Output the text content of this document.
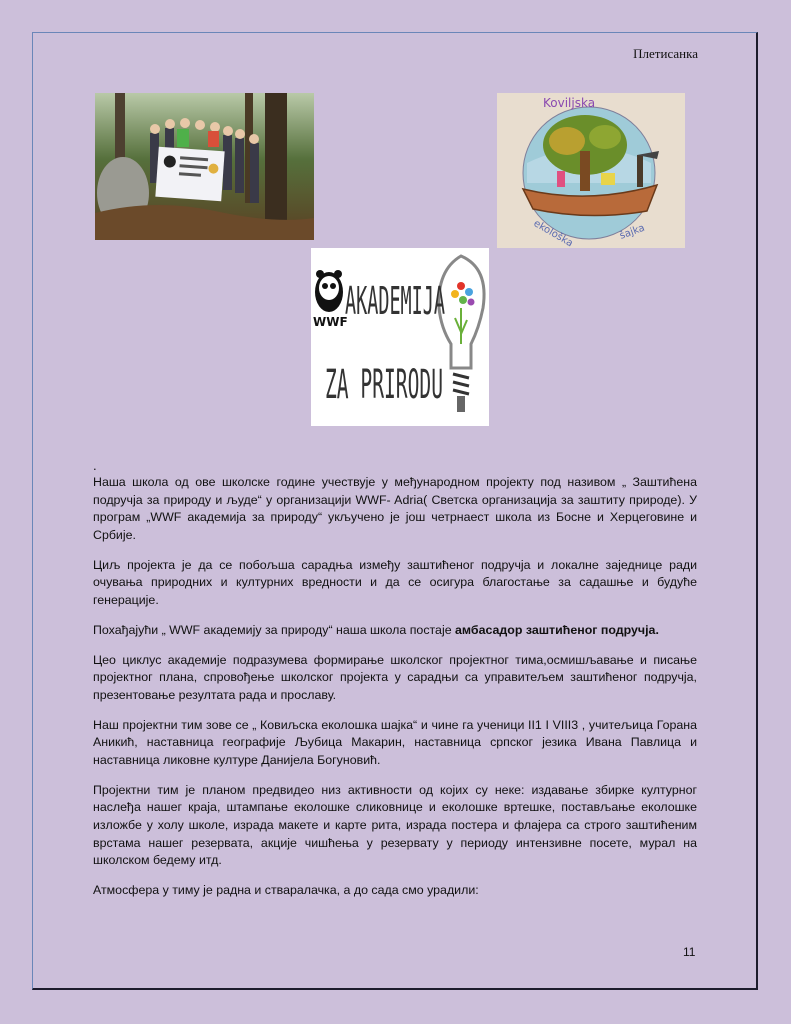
Плетисанка
Kovilјska
ekološka	šajka
WWF
AKADEMIJA
ZA PRIRODU
.

Наша школа од ове школске године учествује у међународном пројекту под називом „ Заштићена подручја за природу и људе“ у организацији WWF- Adria( Светска организација за заштиту природе). У програм „WWF академија за природу“ укључено је још четрнаест школа из Босне и Херцеговине и Србије.

Циљ пројекта је да се побољша сарадња између заштићеног подручја и локалне заједнице ради очувања природних и културних вредности и да се осигура благостање за садашње и будуће генерације.

Похађајући „ WWF академију за природу“ наша школа постаје амбасадор заштићеног подручја.

Цео циклус академије подразумева формирање школског пројектног тима,осмишљавање и писање пројектног плана, спровођење школског пројекта у сарадњи са управитељем заштићеног подручја, презентовање резултата рада и прославу.

Наш пројектни тим зове се „ Ковиљска еколошка шајка“ и чине га ученици II1 I VIII3 , учитељица Горана Аникић, наставница географије Љубица Макарин, наставница српског језика Ивана Павлица и наставница ликовне културе Данијела Богуновић.

Пројектни тим је планом предвидео низ активности од којих су неке: издавање збирке културног наслеђа нашег краја, штампање еколошке сликовнице и еколошке вртешке, постављање еколошке изложбе у холу школе, израда макете и карте рита, израда постера и флајера са строго заштићеним врстама нашег резервата, акције чишћења у резервату у периоду интензивне посете, мурал на школском бедему итд.

Атмосфера у тиму је радна и стваралачка, а до сада смо урадили:

11
